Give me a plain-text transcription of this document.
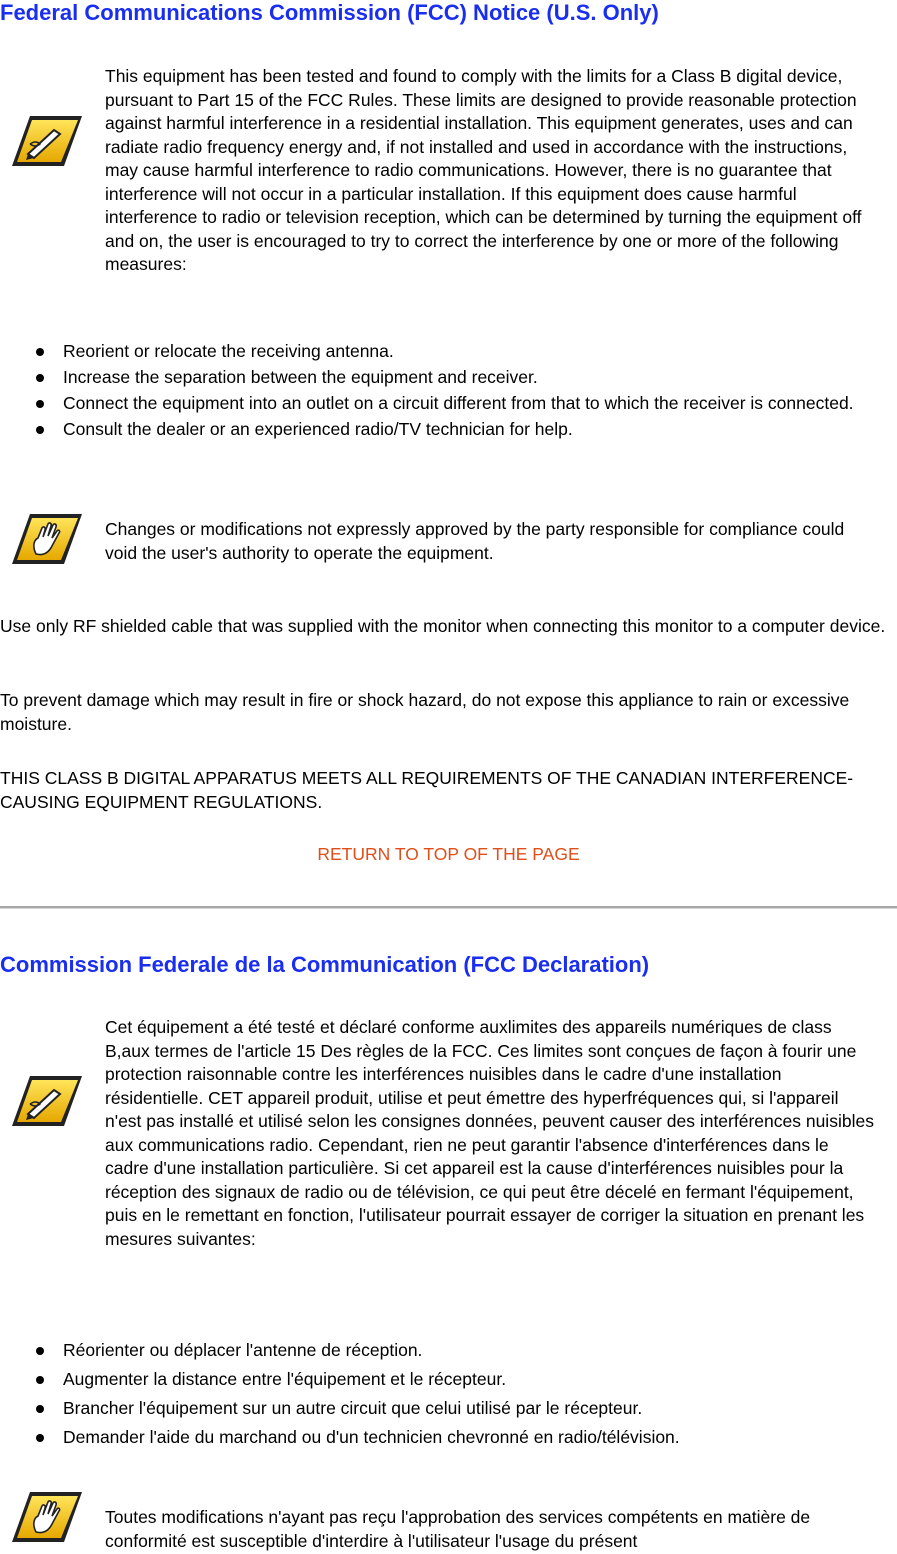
Federal Communications Commission (FCC) Notice (U.S. Only)

This equipment has been tested and found to comply with the limits for a Class B digital device, pursuant to Part 15 of the FCC Rules. These limits are designed to provide reasonable protection against harmful interference in a residential installation. This equipment generates, uses and can radiate radio frequency energy and, if not installed and used in accordance with the instructions, may cause harmful interference to radio communications. However, there is no guarantee that interference will not occur in a particular installation. If this equipment does cause harmful interference to radio or television reception, which can be determined by turning the equipment off and on, the user is encouraged to try to correct the interference by one or more of the following measures:

Reorient or relocate the receiving antenna.
Increase the separation between the equipment and receiver.
Connect the equipment into an outlet on a circuit different from that to which the receiver is connected.
Consult the dealer or an experienced radio/TV technician for help.

Changes or modifications not expressly approved by the party responsible for compliance could void the user's authority to operate the equipment.

Use only RF shielded cable that was supplied with the monitor when connecting this monitor to a computer device.

To prevent damage which may result in fire or shock hazard, do not expose this appliance to rain or excessive moisture.

THIS CLASS B DIGITAL APPARATUS MEETS ALL REQUIREMENTS OF THE CANADIAN INTERFERENCE-CAUSING EQUIPMENT REGULATIONS.

RETURN TO TOP OF THE PAGE
Commission Federale de la Communication (FCC Declaration)

Cet équipement a été testé et déclaré conforme auxlimites des appareils numériques de class B,aux termes de l'article 15 Des règles de la FCC. Ces limites sont conçues de façon à fourir une protection raisonnable contre les interférences nuisibles dans le cadre d'une installation résidentielle. CET appareil produit, utilise et peut émettre des hyperfréquences qui, si l'appareil n'est pas installé et utilisé selon les consignes données, peuvent causer des interférences nuisibles aux communications radio. Cependant, rien ne peut garantir l'absence d'interférences dans le cadre d'une installation particulière. Si cet appareil est la cause d'interférences nuisibles pour la réception des signaux de radio ou de télévision, ce qui peut être décelé en fermant l'équipement, puis en le remettant en fonction, l'utilisateur pourrait essayer de corriger la situation en prenant les mesures suivantes:

Réorienter ou déplacer l'antenne de réception.
Augmenter la distance entre l'équipement et le récepteur.
Brancher l'équipement sur un autre circuit que celui utilisé par le récepteur.
Demander l'aide du marchand ou d'un technicien chevronné en radio/télévision.

Toutes modifications n'ayant pas reçu l'approbation des services compétents en matière de conformité est susceptible d'interdire à l'utilisateur l'usage du présent
